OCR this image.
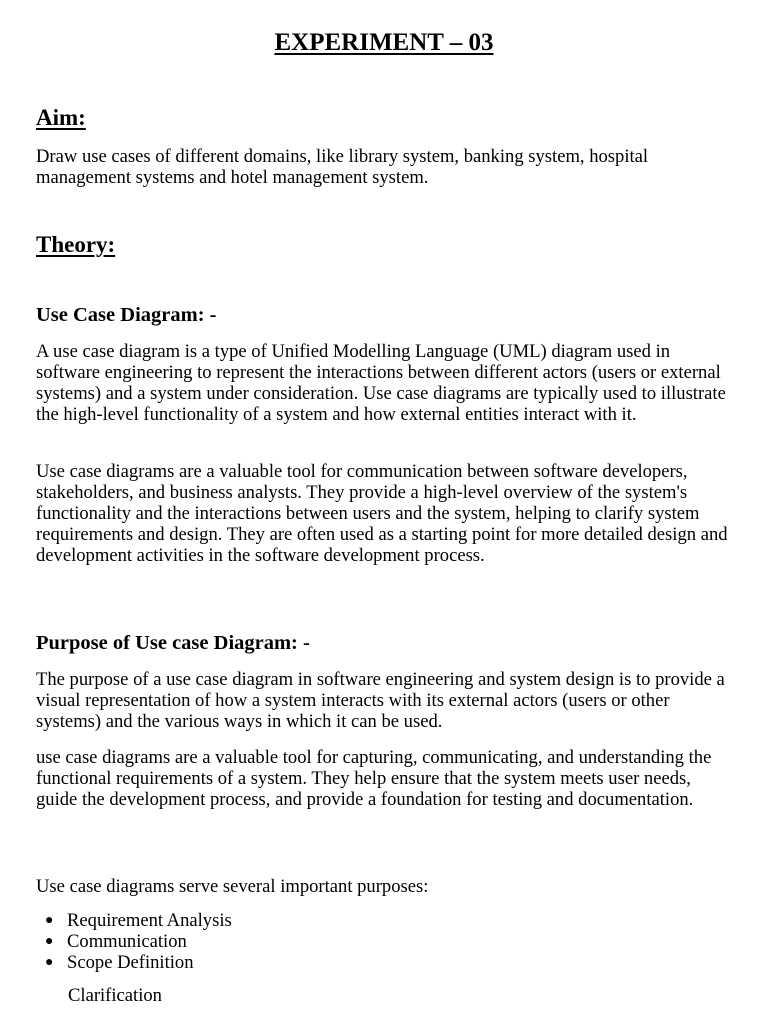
EXPERIMENT – 03
Aim:

Draw use cases of different domains, like library system, banking system, hospital management systems and hotel management system.

Theory:
Use Case Diagram: -

A use case diagram is a type of Unified Modelling Language (UML) diagram used in software engineering to represent the interactions between different actors (users or external systems) and a system under consideration. Use case diagrams are typically used to illustrate the high-level functionality of a system and how external entities interact with it.

Use case diagrams are a valuable tool for communication between software developers, stakeholders, and business analysts. They provide a high-level overview of the system's functionality and the interactions between users and the system, helping to clarify system requirements and design. They are often used as a starting point for more detailed design and development activities in the software development process.

Purpose of Use case Diagram: -

The purpose of a use case diagram in software engineering and system design is to provide a visual representation of how a system interacts with its external actors (users or other systems) and the various ways in which it can be used.

use case diagrams are a valuable tool for capturing, communicating, and understanding the functional requirements of a system. They help ensure that the system meets user needs, guide the development process, and provide a foundation for testing and documentation.

Use case diagrams serve several important purposes:

● Requirement Analysis
● Communication
● Scope Definition
Clarification
